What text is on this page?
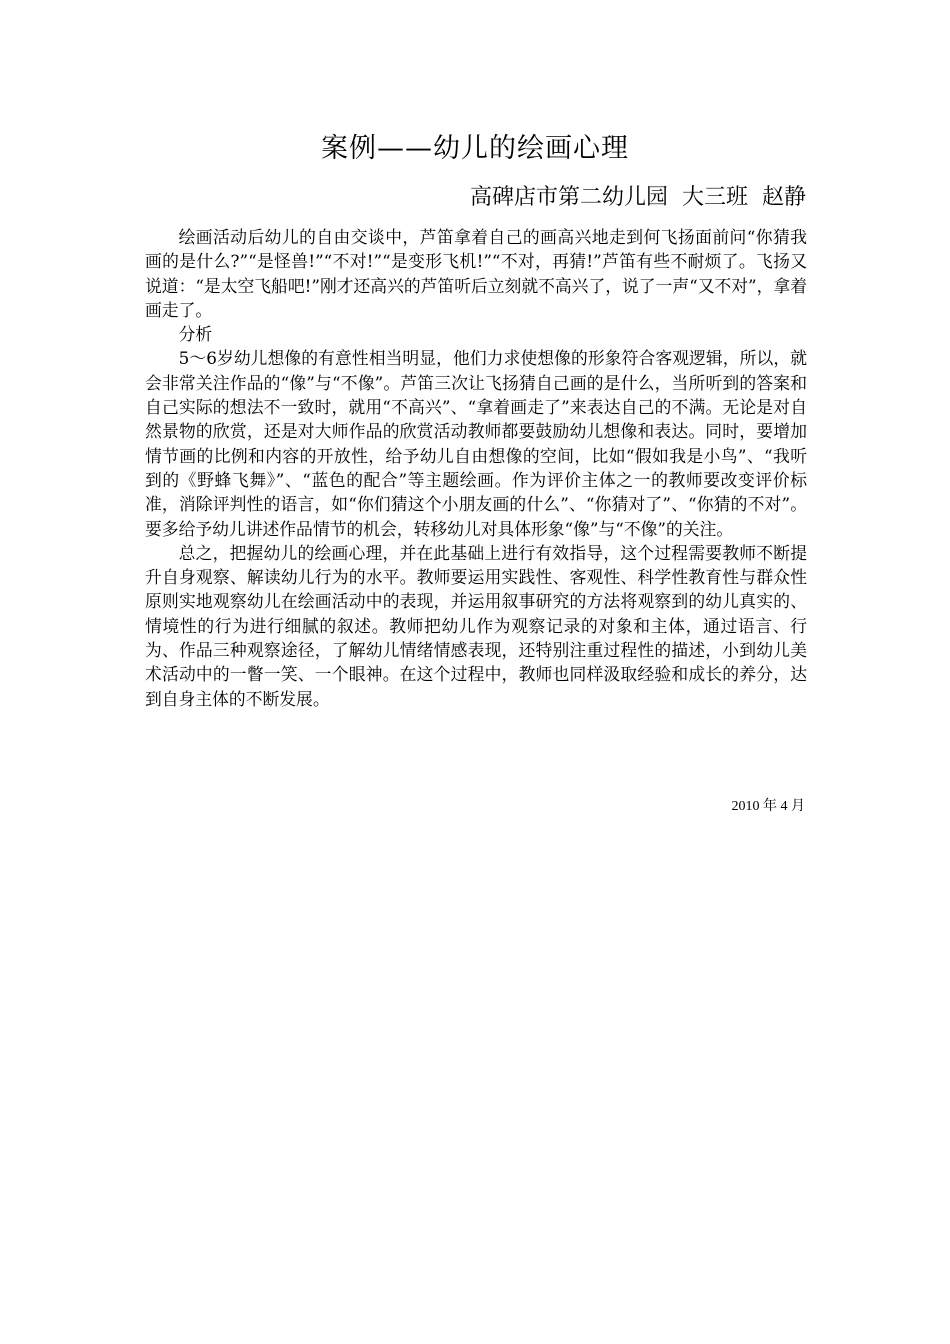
案例——幼儿的绘画心理
高碑店市第二幼儿园  大三班  赵静

绘画活动后幼儿的自由交谈中，芦笛拿着自己的画高兴地走到何飞扬面前问“你猜我画的是什么?”“是怪兽!”“不对!”“是变形飞机!”“不对，再猜!”芦笛有些不耐烦了。飞扬又说道：“是太空飞船吧!”刚才还高兴的芦笛听后立刻就不高兴了，说了一声“又不对”，拿着画走了。

分析

5～6岁幼儿想像的有意性相当明显，他们力求使想像的形象符合客观逻辑，所以，就会非常关注作品的“像”与“不像”。芦笛三次让飞扬猜自己画的是什么，当所听到的答案和自己实际的想法不一致时，就用“不高兴”、“拿着画走了”来表达自己的不满。无论是对自然景物的欣赏，还是对大师作品的欣赏活动教师都要鼓励幼儿想像和表达。同时，要增加情节画的比例和内容的开放性，给予幼儿自由想像的空间，比如“假如我是小鸟”、“我听到的《野蜂飞舞》”、“蓝色的配合”等主题绘画。作为评价主体之一的教师要改变评价标准，消除评判性的语言，如“你们猜这个小朋友画的什么”、“你猜对了”、“你猜的不对”。要多给予幼儿讲述作品情节的机会，转移幼儿对具体形象“像”与“不像”的关注。

总之，把握幼儿的绘画心理，并在此基础上进行有效指导，这个过程需要教师不断提升自身观察、解读幼儿行为的水平。教师要运用实践性、客观性、科学性教育性与群众性原则实地观察幼儿在绘画活动中的表现，并运用叙事研究的方法将观察到的幼儿真实的、情境性的行为进行细腻的叙述。教师把幼儿作为观察记录的对象和主体，通过语言、行为、作品三种观察途径，了解幼儿情绪情感表现，还特别注重过程性的描述，小到幼儿美术活动中的一瞥一笑、一个眼神。在这个过程中，教师也同样汲取经验和成长的养分，达到自身主体的不断发展。

2010 年 4 月
